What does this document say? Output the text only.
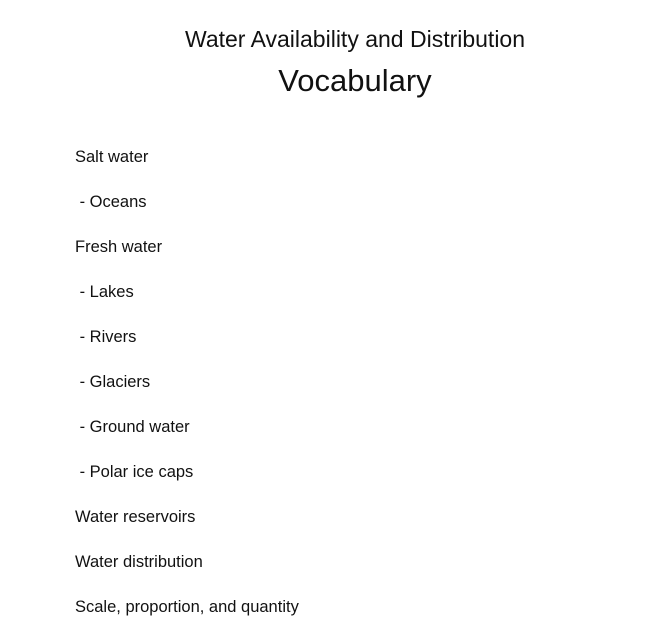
Water Availability and Distribution
Vocabulary
Salt water
- Oceans
Fresh water
- Lakes
- Rivers
- Glaciers
- Ground water
- Polar ice caps
Water reservoirs
Water distribution
Scale, proportion, and quantity
